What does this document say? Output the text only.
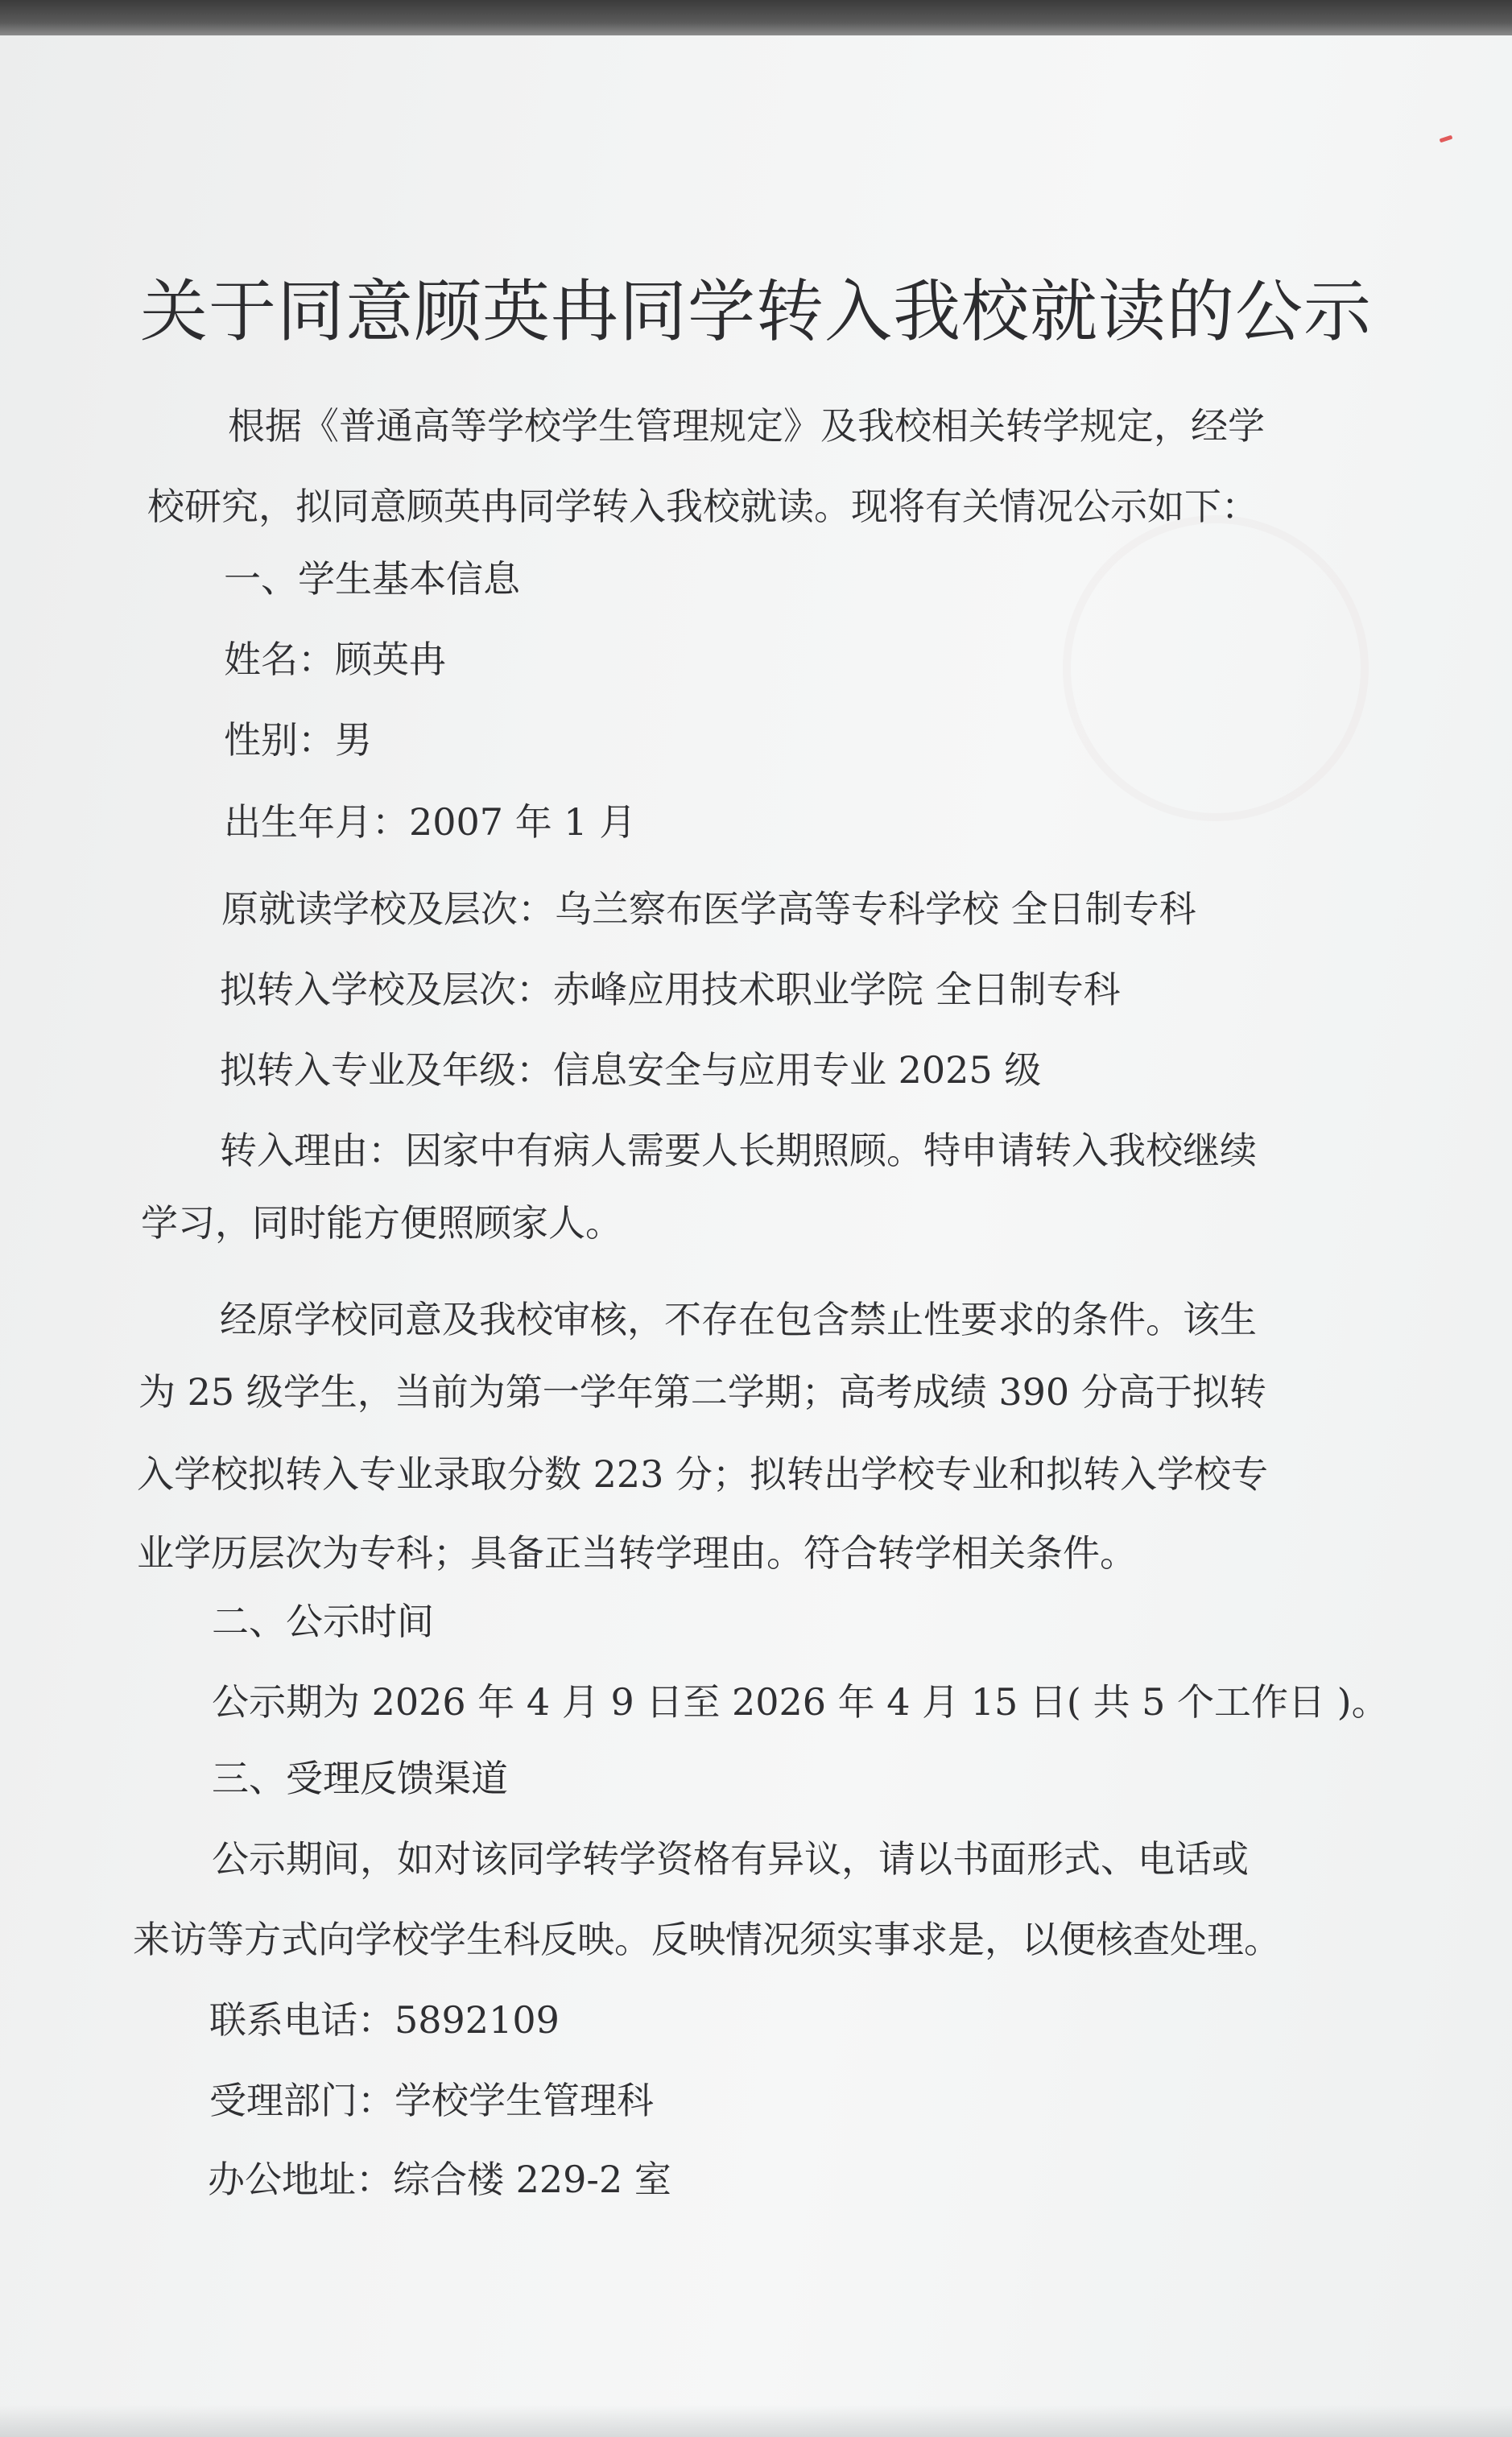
关于同意顾英冉同学转入我校就读的公示
根据《普通高等学校学生管理规定》及我校相关转学规定，经学
校研究，拟同意顾英冉同学转入我校就读。现将有关情况公示如下：
一、学生基本信息
姓名：顾英冉
性别：男
出生年月：2007 年 1 月
原就读学校及层次：乌兰察布医学高等专科学校 全日制专科
拟转入学校及层次：赤峰应用技术职业学院 全日制专科
拟转入专业及年级：信息安全与应用专业 2025 级
转入理由：因家中有病人需要人长期照顾。特申请转入我校继续
学习，同时能方便照顾家人。
经原学校同意及我校审核，不存在包含禁止性要求的条件。该生
为 25 级学生，当前为第一学年第二学期；高考成绩 390 分高于拟转
入学校拟转入专业录取分数 223 分；拟转出学校专业和拟转入学校专
业学历层次为专科；具备正当转学理由。符合转学相关条件。
二、公示时间
公示期为 2026 年 4 月 9 日至 2026 年 4 月 15 日( 共 5 个工作日 )。
三、受理反馈渠道
公示期间，如对该同学转学资格有异议，请以书面形式、电话或
来访等方式向学校学生科反映。反映情况须实事求是，以便核查处理。
联系电话：5892109
受理部门：学校学生管理科
办公地址：综合楼 229-2 室
